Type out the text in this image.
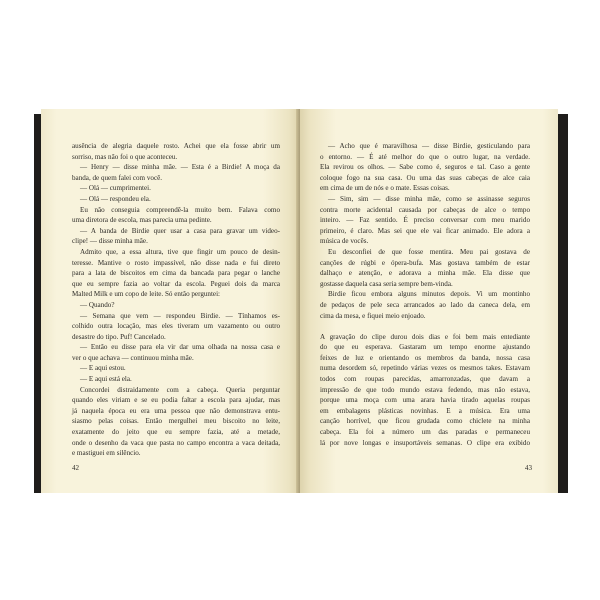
ausência de alegria daquele rosto. Achei que ela fosse abrir um
sorriso, mas não foi o que aconteceu.
— Henry — disse minha mãe. — Esta é a Birdie! A moça da
banda, de quem falei com você.
— Olá — cumprimentei.
— Olá — respondeu ela.
Eu não conseguia compreendê-la muito bem. Falava como
uma diretora de escola, mas parecia uma pedinte.
— A banda de Birdie quer usar a casa para gravar um video-
clipe! — disse minha mãe.
Admito que, a essa altura, tive que fingir um pouco de desin-
teresse. Mantive o rosto impassível, não disse nada e fui direto
para a lata de biscoitos em cima da bancada para pegar o lanche
que eu sempre fazia ao voltar da escola. Peguei dois da marca
Malted Milk e um copo de leite. Só então perguntei:
— Quando?
— Semana que vem — respondeu Birdie. — Tínhamos es-
colhido outra locação, mas eles tiveram um vazamento ou outro
desastre do tipo. Puf! Cancelado.
— Então eu disse para ela vir dar uma olhada na nossa casa e
ver o que achava — continuou minha mãe.
— E aqui estou.
— E aqui está ela.
Concordei distraidamente com a cabeça. Queria perguntar
quando eles viriam e se eu podia faltar a escola para ajudar, mas
já naquela época eu era uma pessoa que não demonstrava entu-
siasmo pelas coisas. Então mergulhei meu biscoito no leite,
exatamente do jeito que eu sempre fazia, até a metade,
onde o desenho da vaca que pasta no campo encontra a vaca deitada,
e mastiguei em silêncio.
42
— Acho que é maravilhosa — disse Birdie, gesticulando para
o entorno. — É até melhor do que o outro lugar, na verdade.
Ela revirou os olhos. — Sabe como é, seguros e tal. Caso a gente
coloque fogo na sua casa. Ou uma das suas cabeças de alce caia
em cima de um de nós e o mate. Essas coisas.
— Sim, sim — disse minha mãe, como se assinasse seguros
contra morte acidental causada por cabeças de alce o tempo
inteiro. — Faz sentido. É preciso conversar com meu marido
primeiro, é claro. Mas sei que ele vai ficar animado. Ele adora a
música de vocês.
Eu desconfiei de que fosse mentira. Meu pai gostava de
canções de rúgbi e ópera-bufa. Mas gostava também de estar
dalhaço e atenção, e adorava a minha mãe. Ela disse que
gostasse daquela casa seria sempre bem-vinda.
Birdie ficou embora alguns minutos depois. Vi um montinho
de pedaços de pele seca arrancados ao lado da caneca dela, em
cima da mesa, e fiquei meio enjoado.
A gravação do clipe durou dois dias e foi bem mais entediante
do que eu esperava. Gastaram um tempo enorme ajustando
feixes de luz e orientando os membros da banda, nossa casa
numa desordem só, repetindo várias vezes os mesmos takes. Estavam
todos com roupas parecidas, amarronzadas, que davam a
impressão de que todo mundo estava fedendo, mas não estava,
porque uma moça com uma arara havia tirado aquelas roupas
em embalagens plásticas novinhas. E a música. Era uma
canção horrível, que ficou grudada como chiclete na minha
cabeça. Ela foi a número um das paradas e permaneceu
lá por nove longas e insuportáveis semanas. O clipe era exibido
43
